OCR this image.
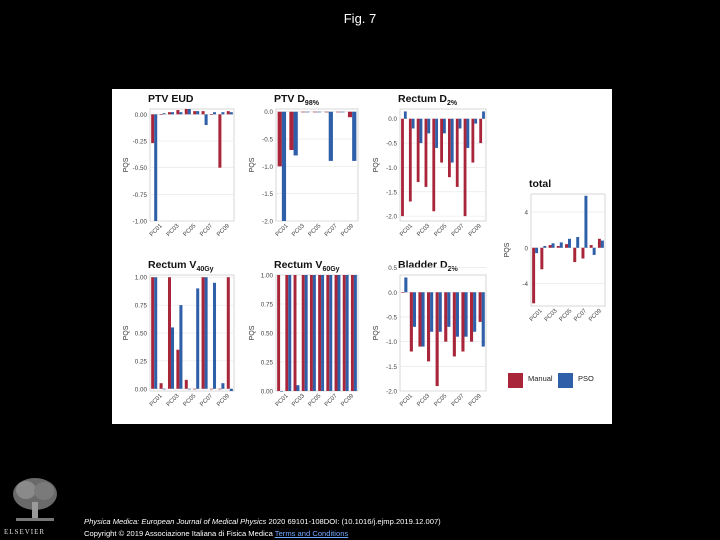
Fig. 7
PTV EUD
0.00
-0.25
-0.50
-0.75
-1.00
PQS
PC01 PC03 PC05 PC07 PC09
PTV $D_{98\%}$
0.0
-0.5
-1.0
-1.5
-2.0
PQS
PC01 PC03 PC05 PC07 PC09
Rectum $D_{2\%}$
0.0
-0.5
-1.0
-1.5
-2.0
PQS
PC01 PC03 PC05 PC07 PC09
total
4
0
-4
PQS
PC01 PC03 PC05 PC07 PC09
Rectum $V_{40Gy}$
1.00
0.75
0.50
0.25
0.00
PQS
PC01 PC03 PC05 PC07 PC09
Rectum $V_{60Gy}$
1.00
0.75
0.50
0.25
0.00
PQS
PC01 PC03 PC05 PC07 PC09
Bladder $D_{2\%}$
0.5
0.0
-0.5
-1.0
-1.5
-2.0
PQS
PC01 PC03 PC05 PC07 PC09
Manual	PSO
ELSEVIER
Physica Medica: European Journal of Medical Physics 2020 69101-108DOI: (10.1016/j.ejmp.2019.12.007)
Copyright © 2019 Associazione Italiana di Fisica Medica Terms and Conditions
